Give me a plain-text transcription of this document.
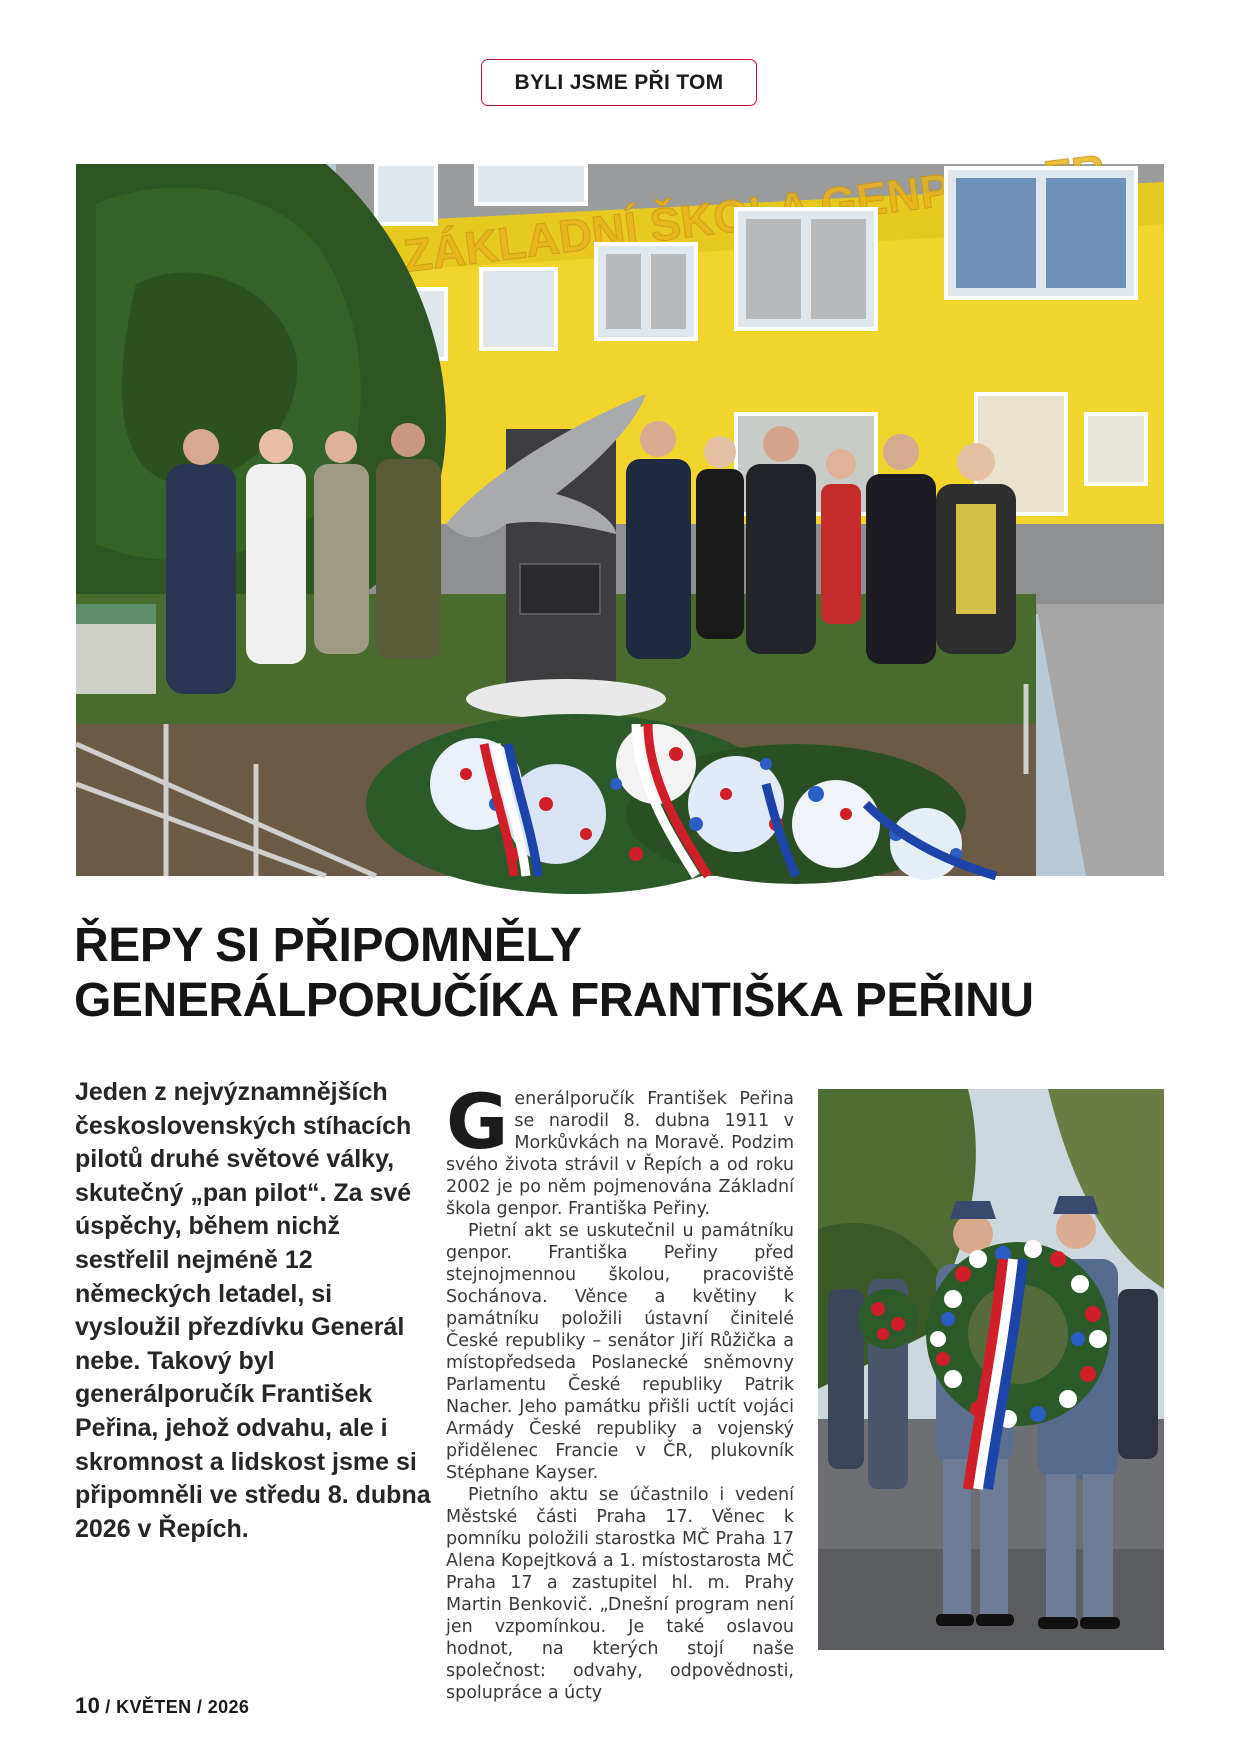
BYLI JSME PŘI TOM
ZÁKLADNÍ ŠKOLA GENPOR.
ŘEPY SI PŘIPOMNĚLY
GENERÁLPORUČÍKA FRANTIŠKA PEŘINU

Jeden z nejvýznamnějších československých stíhacích pilotů druhé světové války, skutečný „pan pilot“. Za své úspěchy, během nichž sestřelil nejméně 12 německých letadel, si vysloužil přezdívku Generál nebe. Takový byl generálporučík František Peřina, jehož odvahu, ale i skromnost a lidskost jsme si připomněli ve středu 8. dubna 2026 v Řepích.

Generálporučík František Peřina se narodil 8. dubna 1911 v Morkůvkách na Moravě. Podzim svého života strávil v Řepích a od roku 2002 je po něm pojmenována Základní škola genpor. Františka Peřiny.

Pietní akt se uskutečnil u památníku genpor. Františka Peřiny před stejnojmennou školou, pracoviště Sochánova. Věnce a květiny k památníku položili ústavní činitelé České republiky – senátor Jiří Růžička a místopředseda Poslanecké sněmovny Parlamentu České republiky Patrik Nacher. Jeho památku přišli uctít vojáci Armády České republiky a vojenský přidělenec Francie v ČR, plukovník Stéphane Kayser.

Pietního aktu se účastnilo i vedení Městské části Praha 17. Věnec k pomníku položili starostka MČ Praha 17 Alena Kopejtková a 1. místostarosta MČ Praha 17 a zastupitel hl. m. Prahy Martin Benkovič. „Dnešní program není jen vzpomínkou. Je také oslavou hodnot, na kterých stojí naše společnost: odvahy, odpovědnosti, spolupráce a úcty

10 / KVĚTEN / 2026
